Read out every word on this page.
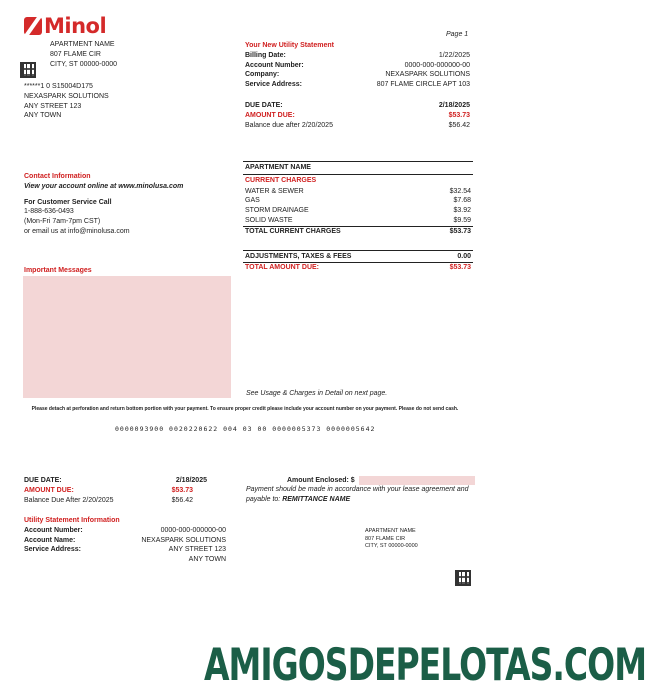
Minol	Page 1
APARTMENT NAME
807 FLAME CIR
CITY, ST 00000-0000
******1 0 S15004D175
NEXASPARK SOLUTIONS
ANY STREET 123
ANY TOWN
Your New Utility Statement
Billing Date:	1/22/2025
Account Number:	0000-000-000000-00
Company:	NEXASPARK SOLUTIONS
Service Address:	807 FLAME CIRCLE APT 103
DUE DATE:	2/18/2025
AMOUNT DUE:	$53.73
Balance due after 2/20/2025	$56.42
Contact Information
View your account online at www.minolusa.com
For Customer Service Call
1-888-636-0493
(Mon-Fri 7am-7pm CST)
or email us at info@minolusa.com
APARTMENT NAME
CURRENT CHARGES
WATER & SEWER	$32.54
GAS	$7.68
STORM DRAINAGE	$3.92
SOLID WASTE	$9.59
TOTAL CURRENT CHARGES	$53.73
ADJUSTMENTS, TAXES & FEES	0.00
TOTAL AMOUNT DUE:	$53.73
See Usage & Charges in Detail on next page.
Important Messages
Please detach at perforation and return bottom portion with your payment. To ensure proper credit please include your account number on your payment. Please do not send cash.
0000093900 0020220622 004 03 00 0000005373 0000005642
DUE DATE:	2/18/2025
AMOUNT DUE:	$53.73
Balance Due After 2/20/2025	$56.42
Amount Enclosed: $
Payment should be made in accordance with your lease agreement and payable to: REMITTANCE NAME
Utility Statement Information
Account Number:	0000-000-000000-00
Account Name:	NEXASPARK SOLUTIONS
Service Address:	ANY STREET 123
ANY TOWN
APARTMENT NAME
807 FLAME CIR
CITY, ST 00000-0000
AMIGOSDEPELOTAS.COM
